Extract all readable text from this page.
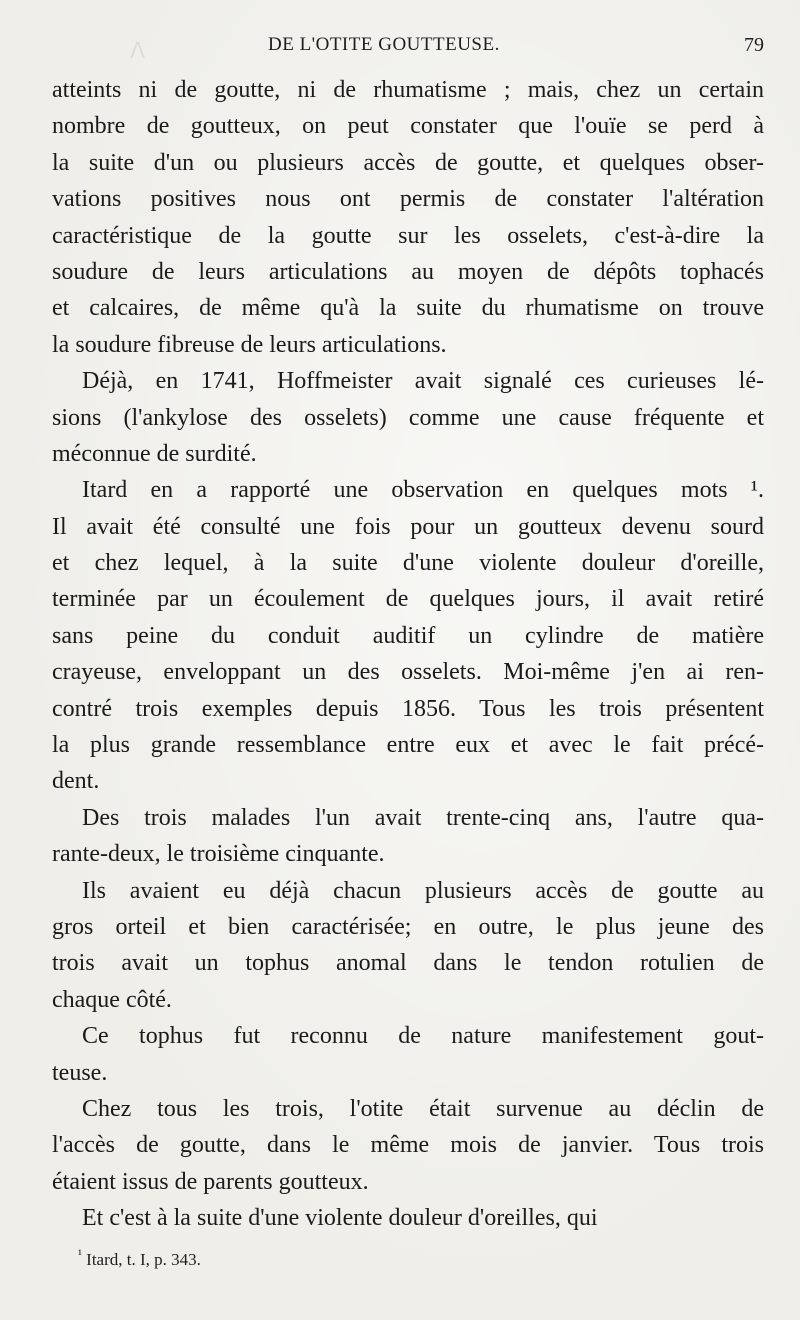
ꓥ	DE L'OTITE GOUTTEUSE.	79
atteints ni de goutte, ni de rhumatisme ; mais, chez un certain
nombre de goutteux, on peut constater que l'ouïe se perd à
la suite d'un ou plusieurs accès de goutte, et quelques obser-
vations positives nous ont permis de constater l'altération
caractéristique de la goutte sur les osselets, c'est-à-dire la
soudure de leurs articulations au moyen de dépôts tophacés
et calcaires, de même qu'à la suite du rhumatisme on trouve
la soudure fibreuse de leurs articulations.
Déjà, en 1741, Hoffmeister avait signalé ces curieuses lé-
sions (l'ankylose des osselets) comme une cause fréquente et
méconnue de surdité.
Itard en a rapporté une observation en quelques mots ¹.
Il avait été consulté une fois pour un goutteux devenu sourd
et chez lequel, à la suite d'une violente douleur d'oreille,
terminée par un écoulement de quelques jours, il avait retiré
sans peine du conduit auditif un cylindre de matière
crayeuse, enveloppant un des osselets. Moi-même j'en ai ren-
contré trois exemples depuis 1856. Tous les trois présentent
la plus grande ressemblance entre eux et avec le fait précé-
dent.
Des trois malades l'un avait trente-cinq ans, l'autre qua-
rante-deux, le troisième cinquante.
Ils avaient eu déjà chacun plusieurs accès de goutte au
gros orteil et bien caractérisée; en outre, le plus jeune des
trois avait un tophus anomal dans le tendon rotulien de
chaque côté.
Ce tophus fut reconnu de nature manifestement gout-
teuse.
Chez tous les trois, l'otite était survenue au déclin de
l'accès de goutte, dans le même mois de janvier. Tous trois
étaient issus de parents goutteux.
Et c'est à la suite d'une violente douleur d'oreilles, qui
$^{^1}$ Itard, t. I, p. 343.
